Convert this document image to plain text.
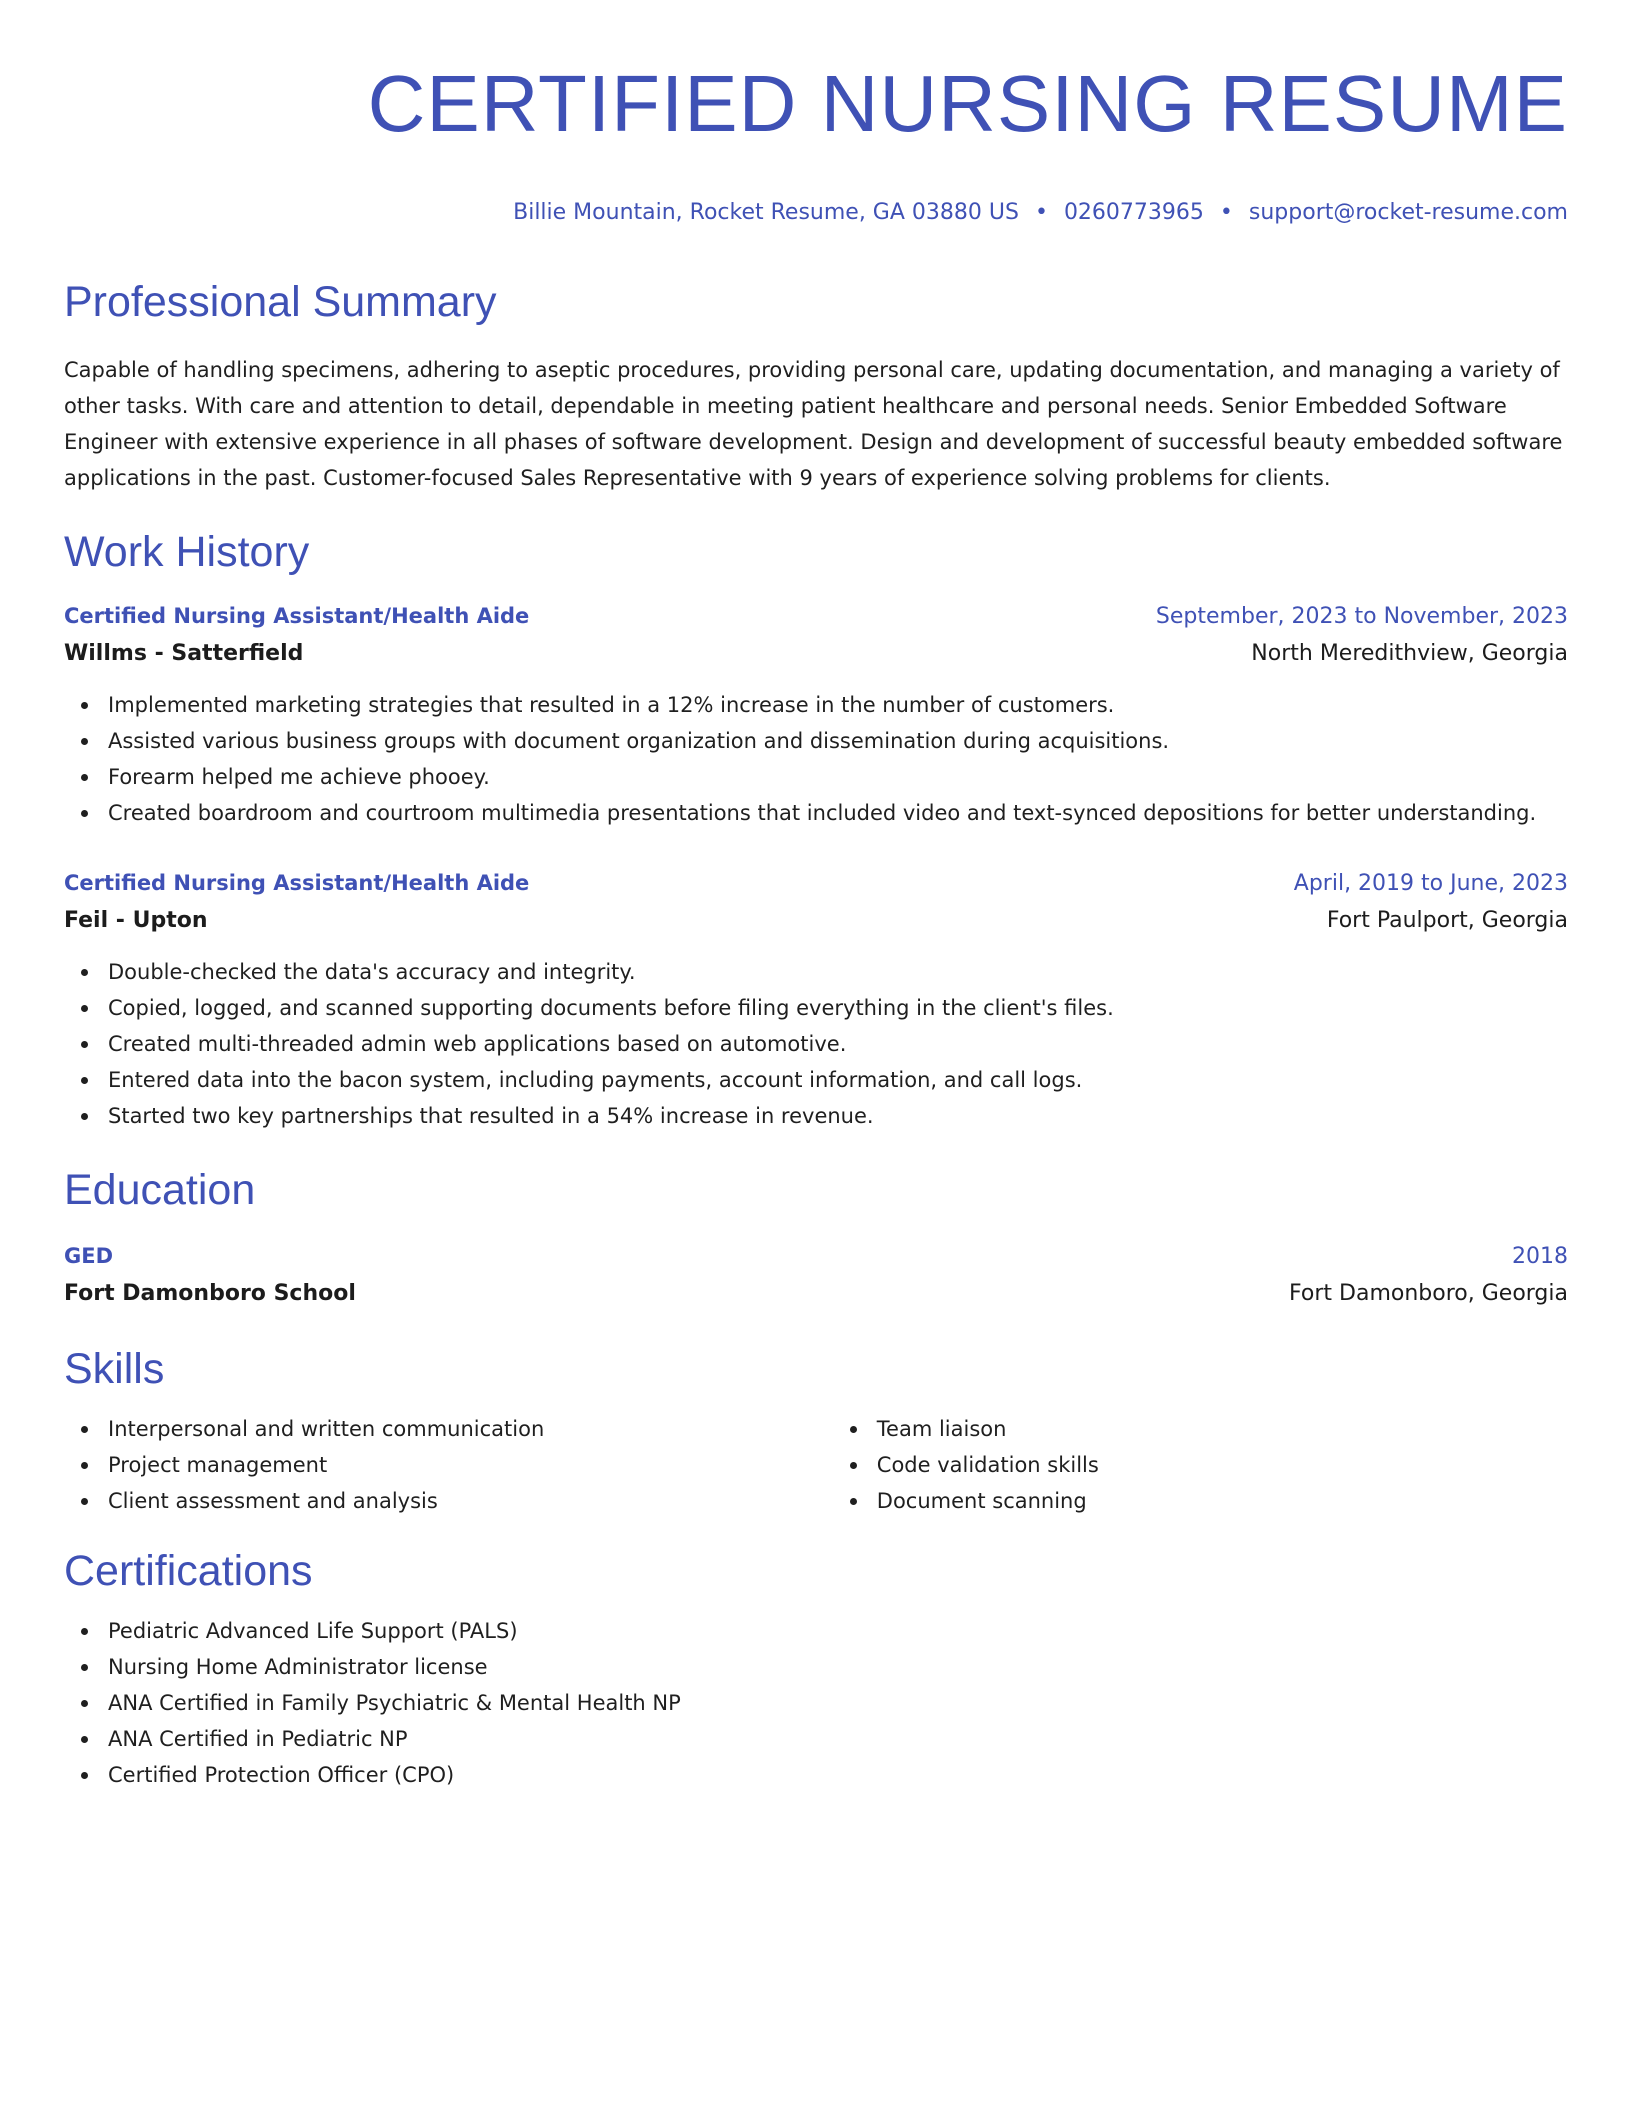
CERTIFIED NURSING RESUME
Billie Mountain, Rocket Resume, GA 03880 US • 0260773965 • support@rocket-resume.com
Professional Summary
Capable of handling specimens, adhering to aseptic procedures, providing personal care, updating documentation, and managing a variety of other tasks. With care and attention to detail, dependable in meeting patient healthcare and personal needs. Senior Embedded Software Engineer with extensive experience in all phases of software development. Design and development of successful beauty embedded software applications in the past. Customer-focused Sales Representative with 9 years of experience solving problems for clients.
Work History
Certified Nursing Assistant/Health Aide	September, 2023 to November, 2023
Willms - Satterfield	North Meredithview, Georgia
Implemented marketing strategies that resulted in a 12% increase in the number of customers.
Assisted various business groups with document organization and dissemination during acquisitions.
Forearm helped me achieve phooey.
Created boardroom and courtroom multimedia presentations that included video and text-synced depositions for better understanding.
Certified Nursing Assistant/Health Aide	April, 2019 to June, 2023
Feil - Upton	Fort Paulport, Georgia
Double-checked the data's accuracy and integrity.
Copied, logged, and scanned supporting documents before filing everything in the client's files.
Created multi-threaded admin web applications based on automotive.
Entered data into the bacon system, including payments, account information, and call logs.
Started two key partnerships that resulted in a 54% increase in revenue.
Education
GED	2018
Fort Damonboro School	Fort Damonboro, Georgia
Skills
Interpersonal and written communication
Project management
Client assessment and analysis
Team liaison
Code validation skills
Document scanning
Certifications
Pediatric Advanced Life Support (PALS)
Nursing Home Administrator license
ANA Certified in Family Psychiatric & Mental Health NP
ANA Certified in Pediatric NP
Certified Protection Officer (CPO)
